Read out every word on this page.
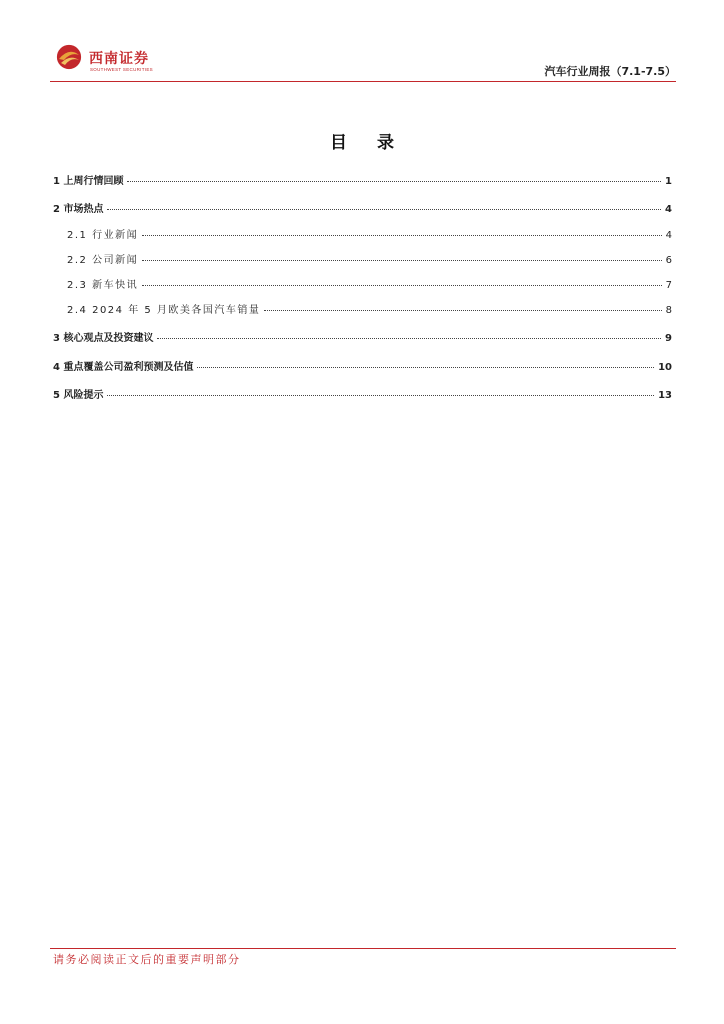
西南证券
SOUTHWEST SECURITIES	汽车行业周报（7.1-7.5）
目 录
1 上周行情回顾	1
2 市场热点	4
2.1 行业新闻	4
2.2 公司新闻	6
2.3 新车快讯	7
2.4 2024 年 5 月欧美各国汽车销量	8
3 核心观点及投资建议	9
4 重点覆盖公司盈利预测及估值	10
5 风险提示	13
请务必阅读正文后的重要声明部分
